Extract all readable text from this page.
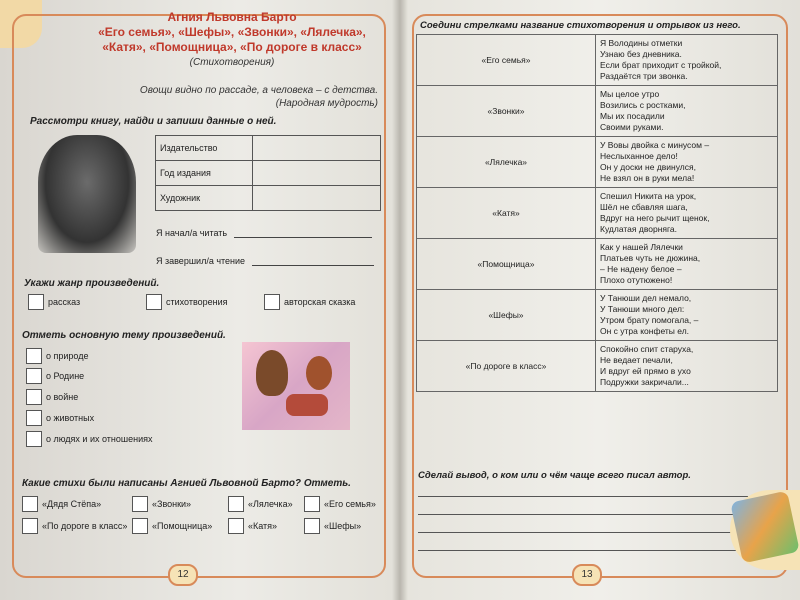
Агния Львовна Барто
«Его семья», «Шефы», «Звонки», «Лялечка»,
«Катя», «Помощница», «По дороге в класс»
(Стихотворения)
Овощи видно по рассаде, а человека – с детства.
(Народная мудрость)
Рассмотри книгу, найди и запиши данные о ней.
Издательство	
Год издания	
Художник	
Я начал/а читать
Я завершил/а чтение
Укажи жанр произведений.
рассказ	стихотворения	авторская сказка
Отметь основную тему произведений.
о природе
о Родине
о войне
о животных
о людях и их отношениях
Какие стихи были написаны Агнией Львовной Барто? Отметь.
«Дядя Стёпа»	«Звонки»	«Лялечка»	«Его семья»
«По дороге в класс»	«Помощница»	«Катя»	«Шефы»
12
Соедини стрелками название стихотворения и отрывок из него.
«Его семья»	Я Володины отметки
Узнаю без дневника.
Если брат приходит с тройкой,
Раздаётся три звонка.

«Звонки»	Мы целое утро
Возились с ростками,
Мы их посадили
Своими руками.

«Лялечка»	У Вовы двойка с минусом –
Неслыханное дело!
Он у доски не двинулся,
Не взял он в руки мела!

«Катя»	Спешил Никита на урок,
Шёл не сбавляя шага,
Вдруг на него рычит щенок,
Кудлатая дворняга.

«Помощница»	Как у нашей Лялечки
Платьев чуть не дюжина,
– Не надену белое –
Плохо отутюжено!

«Шефы»	У Танюши дел немало,
У Танюши много дел:
Утром брату помогала, –
Он с утра конфеты ел.

«По дороге в класс»	Спокойно спит старуха,
Не ведает печали,
И вдруг ей прямо в ухо
Подружки закричали...
Сделай вывод, о ком или о чём чаще всего писал автор.
13
